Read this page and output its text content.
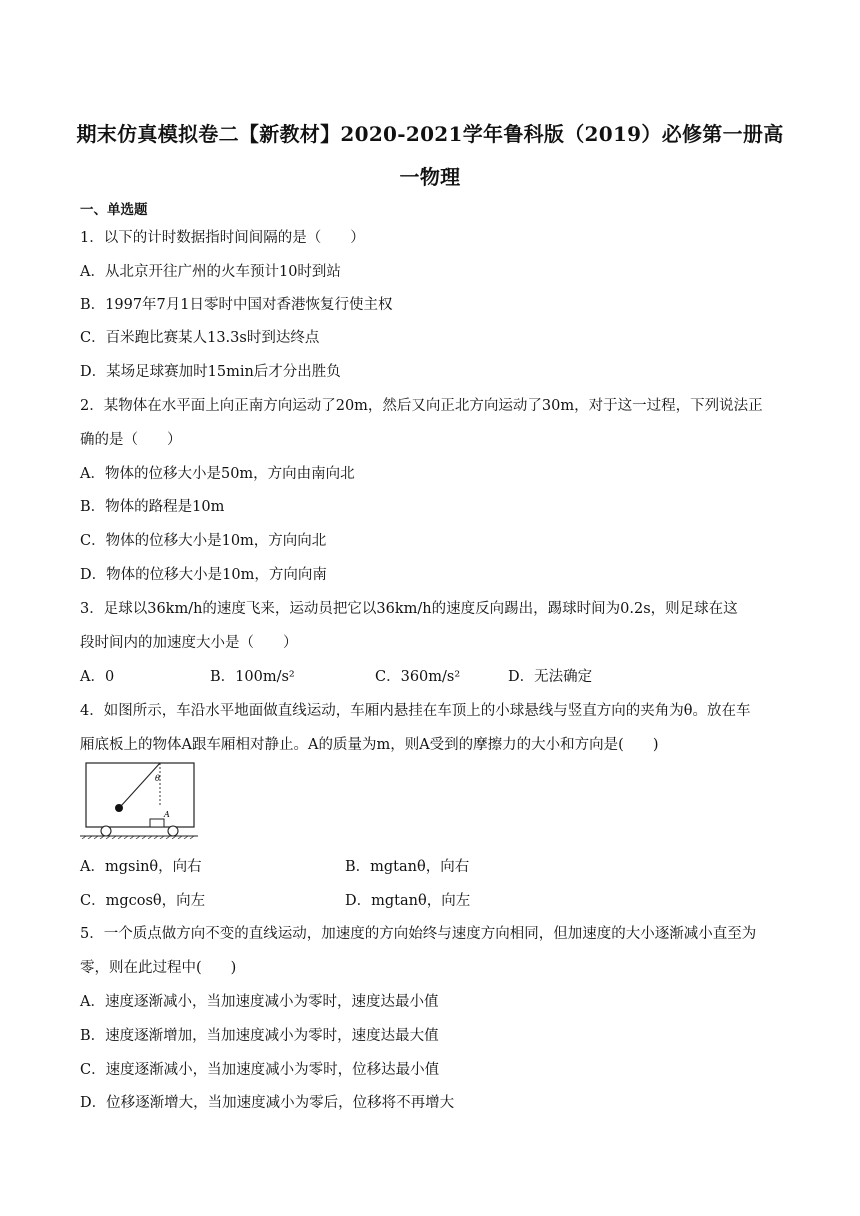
期末仿真模拟卷二【新教材】2020-2021学年鲁科版（2019）必修第一册高
一物理
一、单选题
1．以下的计时数据指时间间隔的是（　　）
A．从北京开往广州的火车预计10时到站
B．1997年7月1日零时中国对香港恢复行使主权
C．百米跑比赛某人13.3s时到达终点
D．某场足球赛加时15min后才分出胜负
2．某物体在水平面上向正南方向运动了20m，然后又向正北方向运动了30m，对于这一过程，下列说法正
确的是（　　）
A．物体的位移大小是50m，方向由南向北
B．物体的路程是10m
C．物体的位移大小是10m，方向向北
D．物体的位移大小是10m，方向向南
3．足球以36km/h的速度飞来，运动员把它以36km/h的速度反向踢出，踢球时间为0.2s，则足球在这
段时间内的加速度大小是（　　）
A．0	B．100m/s²	C．360m/s²	D．无法确定
4．如图所示，车沿水平地面做直线运动，车厢内悬挂在车顶上的小球悬线与竖直方向的夹角为θ。放在车
厢底板上的物体A跟车厢相对静止。A的质量为m，则A受到的摩擦力的大小和方向是(　　)
θ
A
A．mgsinθ，向右	B．mgtanθ，向右
C．mgcosθ，向左	D．mgtanθ，向左
5．一个质点做方向不变的直线运动，加速度的方向始终与速度方向相同，但加速度的大小逐渐减小直至为
零，则在此过程中(　　)
A．速度逐渐减小，当加速度减小为零时，速度达最小值
B．速度逐渐增加，当加速度减小为零时，速度达最大值
C．速度逐渐减小，当加速度减小为零时，位移达最小值
D．位移逐渐增大，当加速度减小为零后，位移将不再增大
